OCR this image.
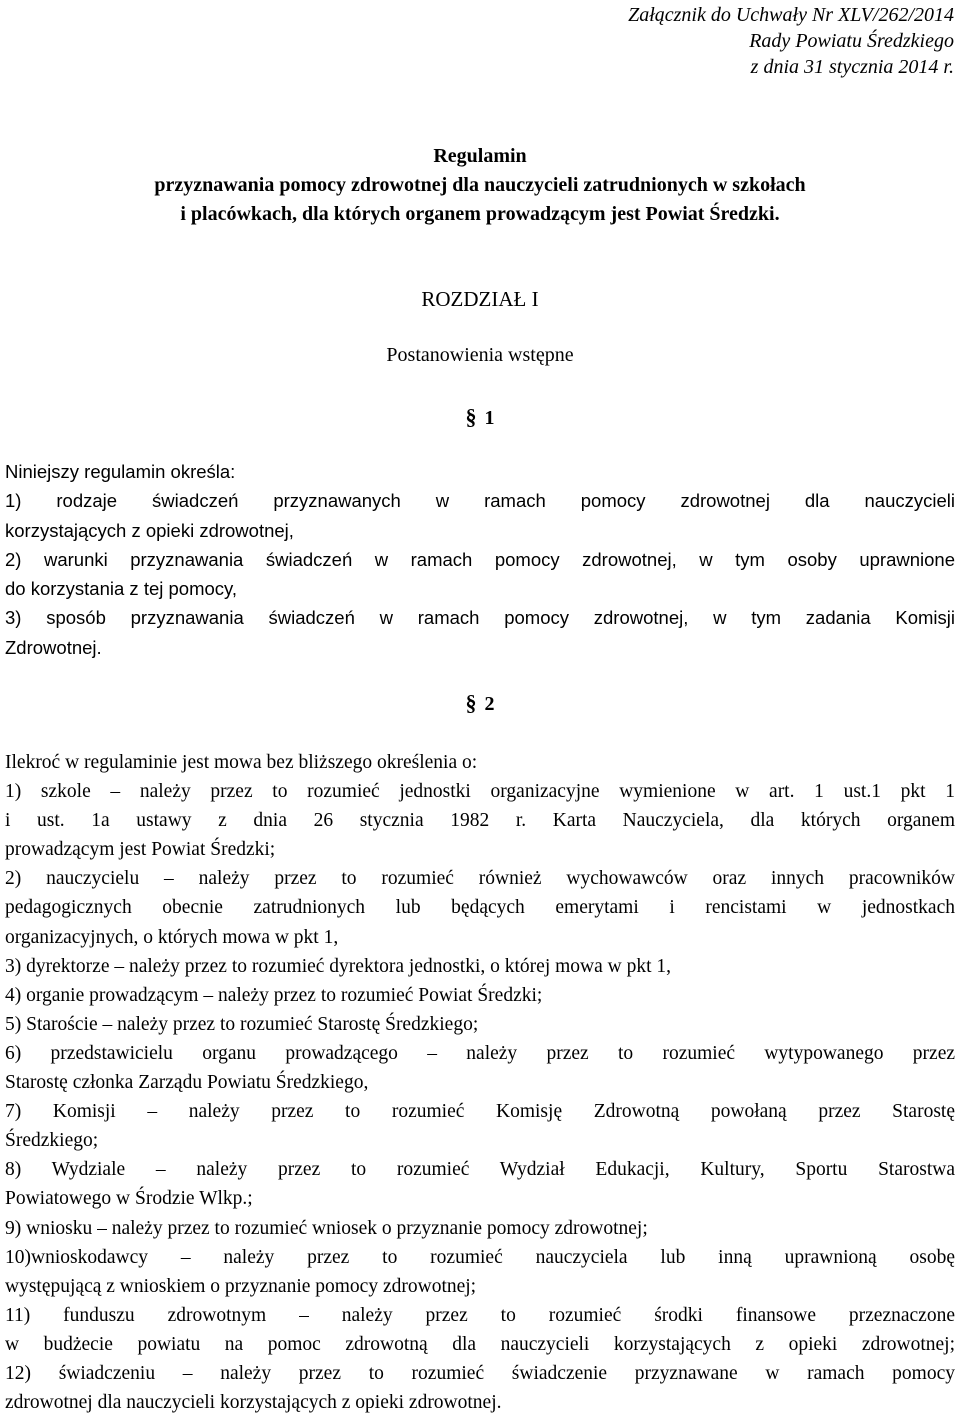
Załącznik do Uchwały Nr XLV/262/2014
Rady Powiatu Średzkiego
z dnia 31 stycznia 2014 r.
Regulamin
przyznawania pomocy zdrowotnej dla nauczycieli zatrudnionych w szkołach
i placówkach, dla których organem prowadzącym jest Powiat Średzki.
ROZDZIAŁ I
Postanowienia wstępne
§ 1
Niniejszy regulamin określa:
1) rodzaje świadczeń przyznawanych w ramach pomocy zdrowotnej dla nauczycieli
korzystających z opieki zdrowotnej,
2) warunki przyznawania świadczeń w ramach pomocy zdrowotnej, w tym osoby uprawnione
do korzystania z tej pomocy,
3) sposób przyznawania świadczeń w ramach pomocy zdrowotnej, w tym zadania Komisji
Zdrowotnej.
§ 2
Ilekroć w regulaminie jest mowa bez bliższego określenia o:
1) szkole – należy przez to rozumieć jednostki organizacyjne wymienione w art. 1 ust.1 pkt 1
i ust. 1a ustawy z dnia 26 stycznia 1982 r. Karta Nauczyciela, dla których organem
prowadzącym jest Powiat Średzki;
2) nauczycielu – należy przez to rozumieć również wychowawców oraz innych pracowników
pedagogicznych obecnie zatrudnionych lub będących emerytami i rencistami w jednostkach
organizacyjnych, o których mowa w pkt 1,
3) dyrektorze – należy przez to rozumieć dyrektora jednostki, o której mowa w pkt 1,
4) organie prowadzącym – należy przez to rozumieć Powiat Średzki;
5) Staroście – należy przez to rozumieć Starostę Średzkiego;
6) przedstawicielu organu prowadzącego – należy przez to rozumieć wytypowanego przez
Starostę członka Zarządu Powiatu Średzkiego,
7) Komisji – należy przez to rozumieć Komisję Zdrowotną powołaną przez Starostę
Średzkiego;
8) Wydziale – należy przez to rozumieć Wydział Edukacji, Kultury, Sportu Starostwa
Powiatowego w Środzie Wlkp.;
9) wniosku – należy przez to rozumieć wniosek o przyznanie pomocy zdrowotnej;
10)wnioskodawcy – należy przez to rozumieć nauczyciela lub inną uprawnioną osobę
występującą z wnioskiem o przyznanie pomocy zdrowotnej;
11) funduszu zdrowotnym – należy przez to rozumieć środki finansowe przeznaczone
w budżecie powiatu na pomoc zdrowotną dla nauczycieli korzystających z opieki zdrowotnej;
12) świadczeniu – należy przez to rozumieć świadczenie przyznawane w ramach pomocy
zdrowotnej dla nauczycieli korzystających z opieki zdrowotnej.
